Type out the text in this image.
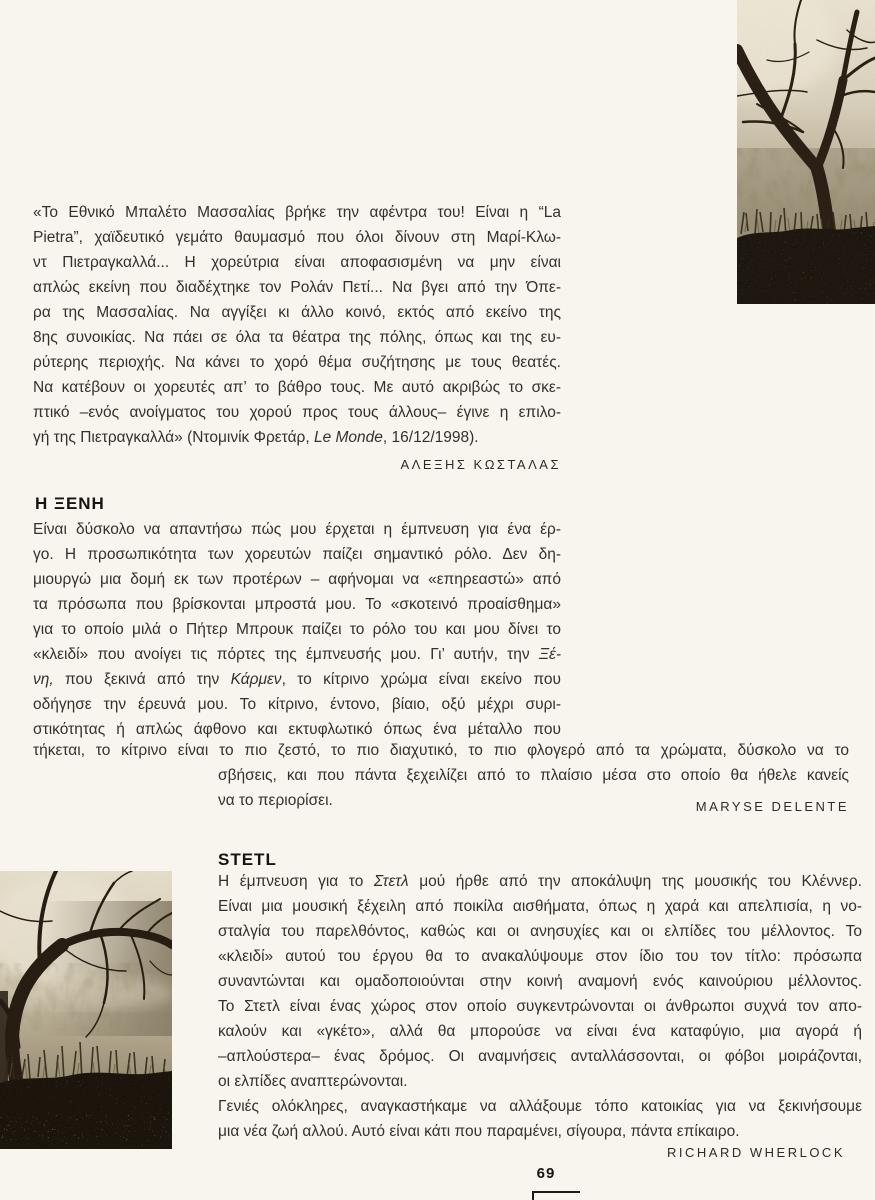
«Το Εθνικό Μπαλέτο Μασσαλίας βρήκε την αφέντρα του! Είναι η “La
Pietra”, χαϊδευτικό γεμάτο θαυμασμό που όλοι δίνουν στη Μαρί-Κλω-
ντ Πιετραγκαλλά... Η χορεύτρια είναι αποφασισμένη να μην είναι
απλώς εκείνη που διαδέχτηκε τον Ρολάν Πετί... Να βγει από την Όπε-
ρα της Μασσαλίας. Να αγγίξει κι άλλο κοινό, εκτός από εκείνο της
8ης συνοικίας. Να πάει σε όλα τα θέατρα της πόλης, όπως και της ευ-
ρύτερης περιοχής. Να κάνει το χορό θέμα συζήτησης με τους θεατές.
Να κατέβουν οι χορευτές απ’ το βάθρο τους. Με αυτό ακριβώς το σκε-
πτικό –ενός ανοίγματος του χορού προς τους άλλους– έγινε η επιλο-
γή της Πιετραγκαλλά» (Ντομινίκ Φρετάρ, Le Monde, 16/12/1998).
ΑΛΕΞΗΣ ΚΩΣΤΑΛΑΣ
Η ΞΕΝΗ
Είναι δύσκολο να απαντήσω πώς μου έρχεται η έμπνευση για ένα έρ-
γο. Η προσωπικότητα των χορευτών παίζει σημαντικό ρόλο. Δεν δη-
μιουργώ μια δομή εκ των προτέρων – αφήνομαι να «επηρεαστώ» από
τα πρόσωπα που βρίσκονται μπροστά μου. Το «σκοτεινό προαίσθημα»
για το οποίο μιλά ο Πήτερ Μπρουκ παίζει το ρόλο του και μου δίνει το
«κλειδί» που ανοίγει τις πόρτες της έμπνευσής μου. Γι’ αυτήν, την Ξέ-
νη, που ξεκινά από την Κάρμεν, το κίτρινο χρώμα είναι εκείνο που
οδήγησε την έρευνά μου. Το κίτρινο, έντονο, βίαιο, οξύ μέχρι συρι-
στικότητας ή απλώς άφθονο και εκτυφλωτικό όπως ένα μέταλλο που
τήκεται, το κίτρινο είναι το πιο ζεστό, το πιο διαχυτικό, το πιο φλογερό από τα χρώματα, δύσκολο να το
σβήσεις, και που πάντα ξεχειλίζει από το πλαίσιο μέσα στο οποίο θα ήθελε κανείς
να το περιορίσει.	MARYSE DELENTE
STETL
Η έμπνευση για το Στετλ μού ήρθε από την αποκάλυψη της μουσικής του Κλέννερ.
Είναι μια μουσική ξέχειλη από ποικίλα αισθήματα, όπως η χαρά και απελπισία, η νο-
σταλγία του παρελθόντος, καθώς και οι ανησυχίες και οι ελπίδες του μέλλοντος. Το
«κλειδί» αυτού του έργου θα το ανακαλύψουμε στον ίδιο του τον τίτλο: πρόσωπα
συναντώνται και ομαδοποιούνται στην κοινή αναμονή ενός καινούριου μέλλοντος.
Το Στετλ είναι ένας χώρος στον οποίο συγκεντρώνονται οι άνθρωποι συχνά τον απο-
καλούν και «γκέτο», αλλά θα μπορούσε να είναι ένα καταφύγιο, μια αγορά ή
–απλούστερα– ένας δρόμος. Οι αναμνήσεις ανταλλάσσονται, οι φόβοι μοιράζονται,
οι ελπίδες αναπτερώνονται.
Γενιές ολόκληρες, αναγκαστήκαμε να αλλάξουμε τόπο κατοικίας για να ξεκινήσουμε
μια νέα ζωή αλλού. Αυτό είναι κάτι που παραμένει, σίγουρα, πάντα επίκαιρο.
RICHARD WHERLOCK
69
